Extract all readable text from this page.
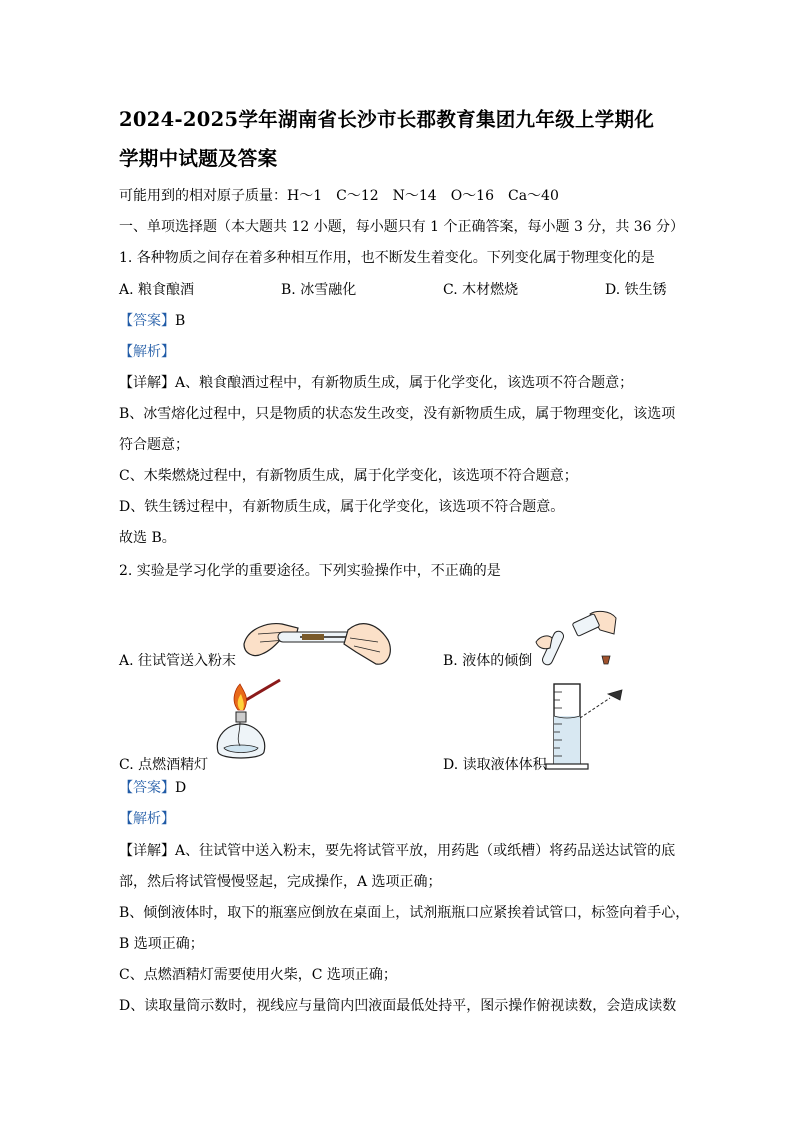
2024-2025学年湖南省长沙市长郡教育集团九年级上学期化
学期中试题及答案
可能用到的相对原子质量：H～1　C～12　N～14　O～16　Ca～40
一、单项选择题（本大题共 12 小题，每小题只有 1 个正确答案，每小题 3 分，共 36 分）
1. 各种物质之间存在着多种相互作用，也不断发生着变化。下列变化属于物理变化的是
A. 粮食酿酒	B. 冰雪融化	C. 木材燃烧	D. 铁生锈
【答案】B
【解析】
【详解】A、粮食酿酒过程中，有新物质生成，属于化学变化，该选项不符合题意；
B、冰雪熔化过程中，只是物质的状态发生改变，没有新物质生成，属于物理变化，该选项
符合题意；
C、木柴燃烧过程中，有新物质生成，属于化学变化，该选项不符合题意；
D、铁生锈过程中，有新物质生成，属于化学变化，该选项不符合题意。
故选 B。
2. 实验是学习化学的重要途径。下列实验操作中，不正确的是
A. 往试管送入粉末	B. 液体的倾倒
C. 点燃酒精灯	D. 读取液体体积
【答案】D
【解析】
【详解】A、往试管中送入粉末，要先将试管平放，用药匙（或纸槽）将药品送达试管的底
部，然后将试管慢慢竖起，完成操作，A 选项正确；
B、倾倒液体时，取下的瓶塞应倒放在桌面上，试剂瓶瓶口应紧挨着试管口，标签向着手心，
B 选项正确；
C、点燃酒精灯需要使用火柴，C 选项正确；
D、读取量筒示数时，视线应与量筒内凹液面最低处持平，图示操作俯视读数，会造成读数
